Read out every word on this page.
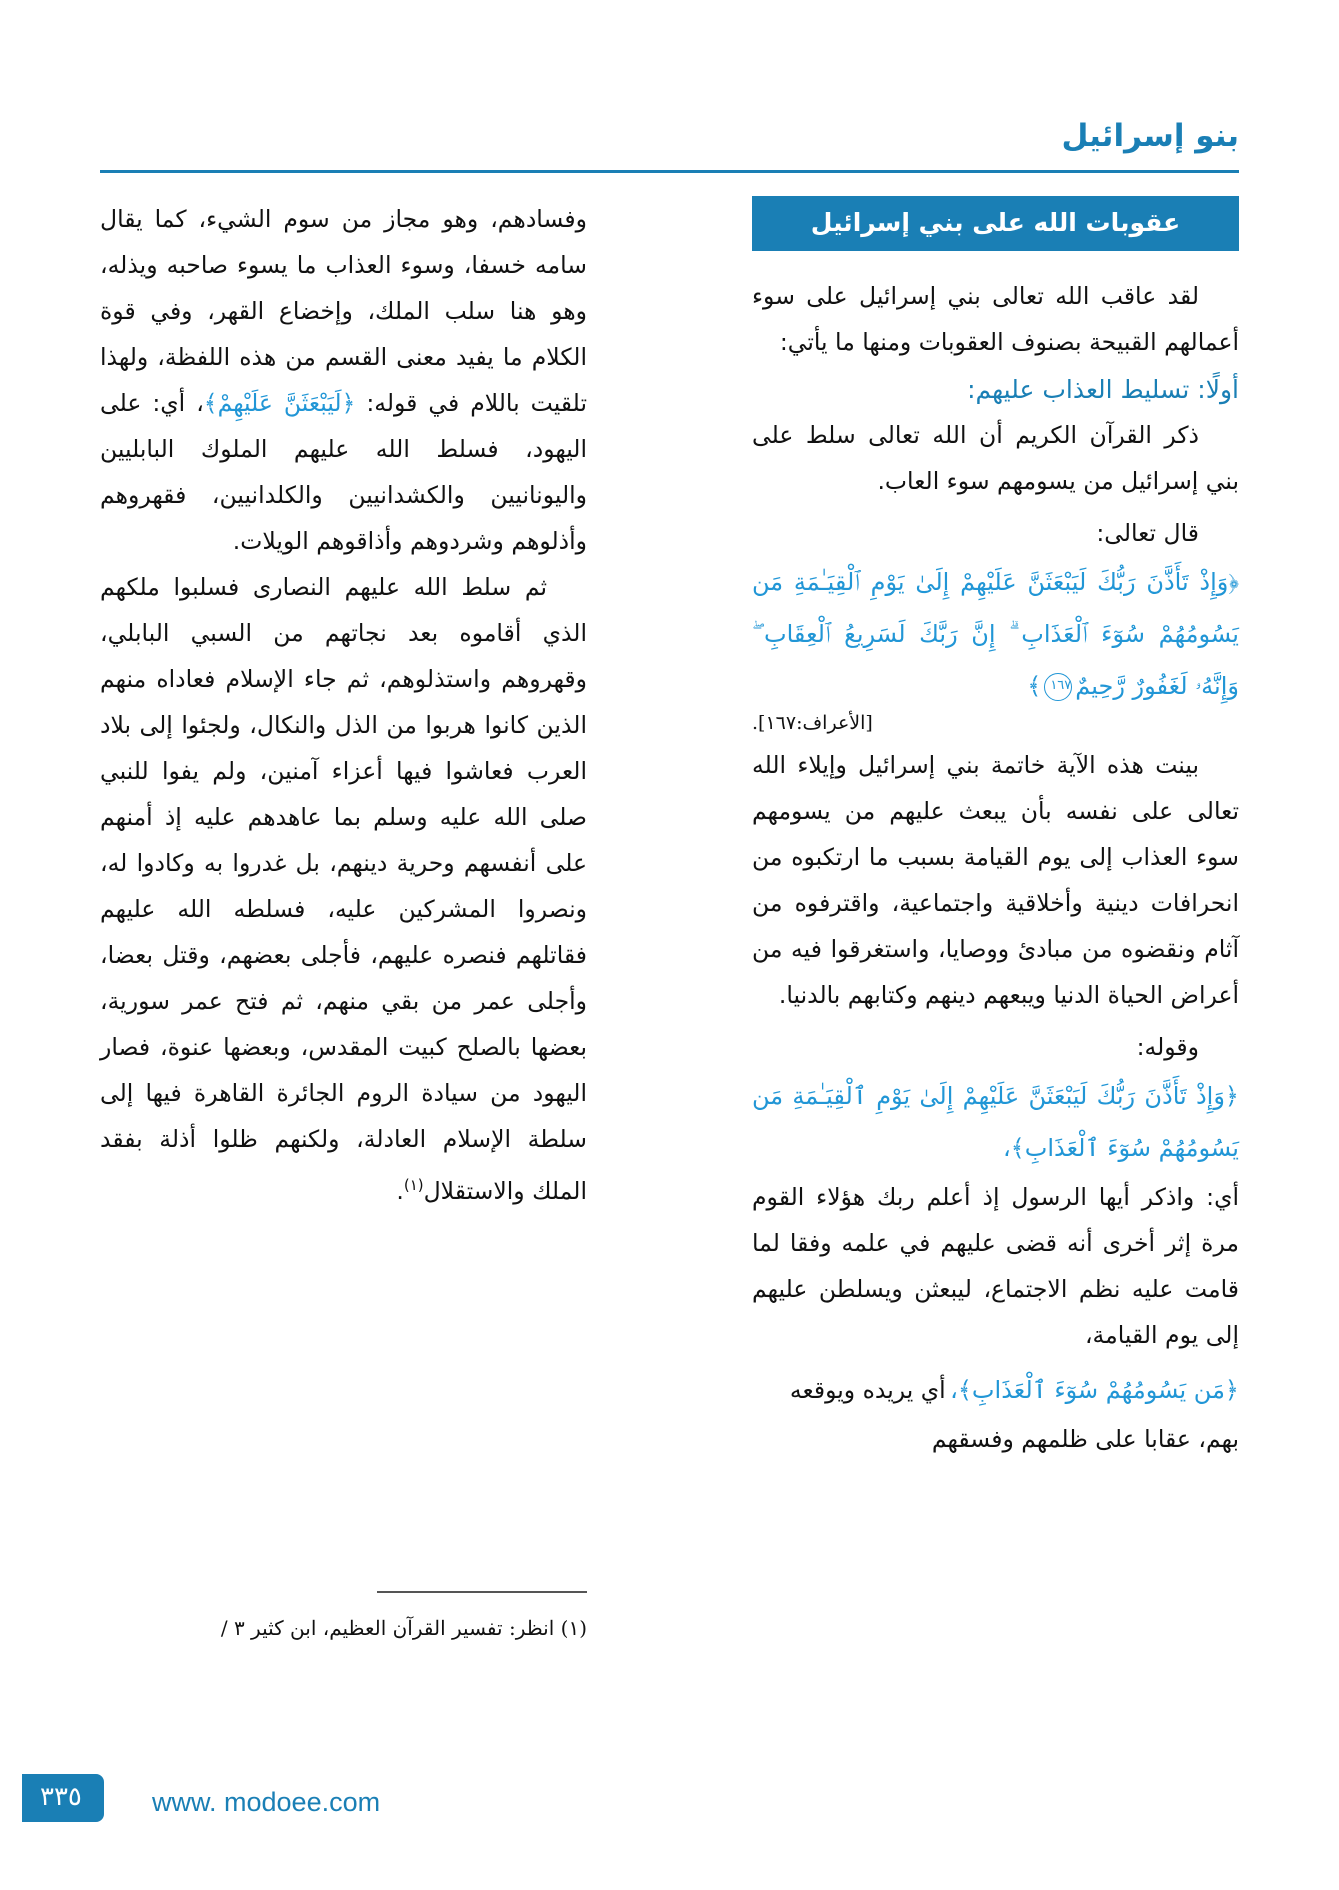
بنو إسرائيل
عقوبات الله على بني إسرائيل

لقد عاقب الله تعالى بني إسرائيل على سوء أعمالهم القبيحة بصنوف العقوبات ومنها ما يأتي:

أولًا: تسليط العذاب عليهم:

ذكر القرآن الكريم أن الله تعالى سلط على بني إسرائيل من يسومهم سوء العاب.

قال تعالى:

﴿وَإِذْ تَأَذَّنَ رَبُّكَ لَيَبْعَثَنَّ عَلَيْهِمْ إِلَىٰ يَوْمِ ٱلْقِيَـٰمَةِ مَن يَسُومُهُمْ سُوٓءَ ٱلْعَذَابِ ۗ إِنَّ رَبَّكَ لَسَرِيعُ ٱلْعِقَابِ ۖ وَإِنَّهُۥ لَغَفُورٌ رَّحِيمٌ١٦٧﴾

[الأعراف:١٦٧].

بينت هذه الآية خاتمة بني إسرائيل وإيلاء الله تعالى على نفسه بأن يبعث عليهم من يسومهم سوء العذاب إلى يوم القيامة بسبب ما ارتكبوه من انحرافات دينية وأخلاقية واجتماعية، واقترفوه من آثام ونقضوه من مبادئ ووصايا، واستغرقوا فيه من أعراض الحياة الدنيا ويبعهم دينهم وكتابهم بالدنيا.

وقوله:

﴿وَإِذْ تَأَذَّنَ رَبُّكَ لَيَبْعَثَنَّ عَلَيْهِمْ إِلَىٰ يَوْمِ ٱلْقِيَـٰمَةِ مَن يَسُومُهُمْ سُوٓءَ ٱلْعَذَابِ﴾،

أي: واذكر أيها الرسول إذ أعلم ربك هؤلاء القوم مرة إثر أخرى أنه قضى عليهم في علمه وفقا لما قامت عليه نظم الاجتماع، ليبعثن ويسلطن عليهم إلى يوم القيامة،

﴿مَن يَسُومُهُمْ سُوٓءَ ٱلْعَذَابِ﴾،

أي يريده ويوقعه بهم، عقابا على ظلمهم وفسقهم

وفسادهم، وهو مجاز من سوم الشيء، كما يقال سامه خسفا، وسوء العذاب ما يسوء صاحبه ويذله، وهو هنا سلب الملك، وإخضاع القهر، وفي قوة الكلام ما يفيد معنى القسم من هذه اللفظة، ولهذا تلقيت باللام في قوله: ﴿لَيَبْعَثَنَّ عَلَيْهِمْ﴾، أي: على اليهود، فسلط الله عليهم الملوك البابليين واليونانيين والكشدانيين والكلدانيين، فقهروهم وأذلوهم وشردوهم وأذاقوهم الويلات.

ثم سلط الله عليهم النصارى فسلبوا ملكهم الذي أقاموه بعد نجاتهم من السبي البابلي، وقهروهم واستذلوهم، ثم جاء الإسلام فعاداه منهم الذين كانوا هربوا من الذل والنكال، ولجئوا إلى بلاد العرب فعاشوا فيها أعزاء آمنين، ولم يفوا للنبي صلى الله عليه وسلم بما عاهدهم عليه إذ أمنهم على أنفسهم وحرية دينهم، بل غدروا به وكادوا له، ونصروا المشركين عليه، فسلطه الله عليهم فقاتلهم فنصره عليهم، فأجلى بعضهم، وقتل بعضا، وأجلى عمر من بقي منهم، ثم فتح عمر سورية، بعضها بالصلح كبيت المقدس، وبعضها عنوة، فصار اليهود من سيادة الروم الجائرة القاهرة فيها إلى سلطة الإسلام العادلة، ولكنهم ظلوا أذلة بفقد الملك والاستقلال$^{(١)}$.

(١) انظر: تفسير القرآن العظيم، ابن كثير ٣ /
٣٣٥	www. modoee.com
